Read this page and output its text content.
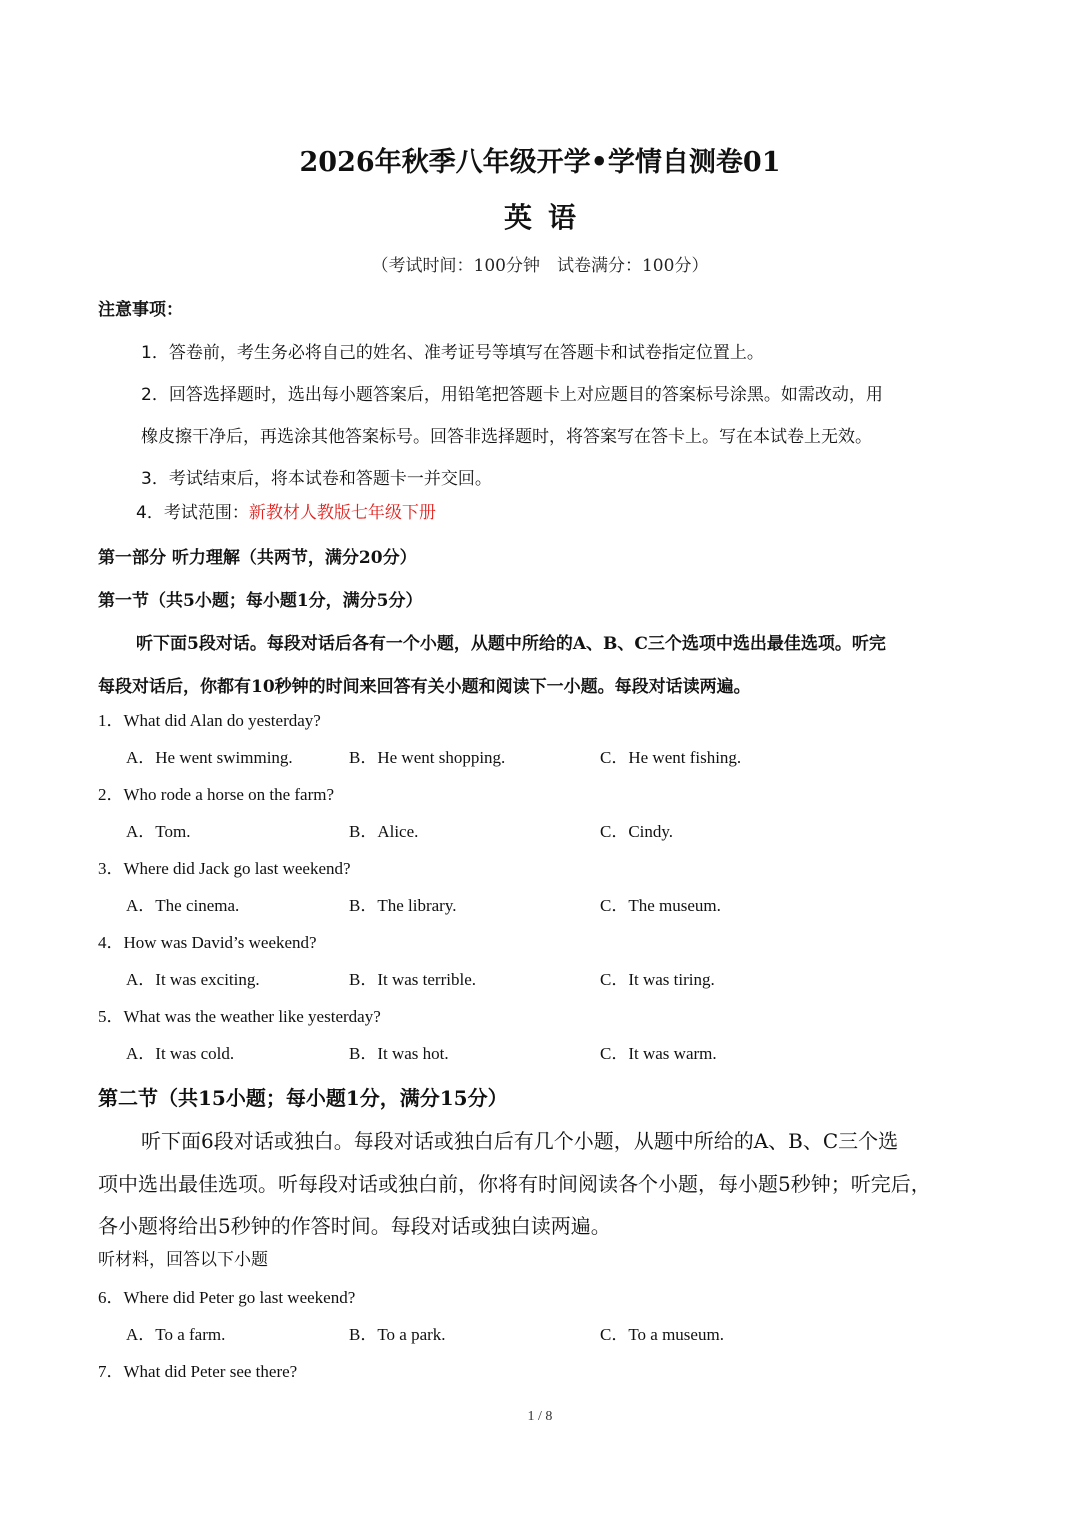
2026年秋季八年级开学•学情自测卷01
英语
（考试时间：100分钟　试卷满分：100分）
注意事项：
1．答卷前，考生务必将自己的姓名、准考证号等填写在答题卡和试卷指定位置上。
2．回答选择题时，选出每小题答案后，用铅笔把答题卡上对应题目的答案标号涂黑。如需改动，用
橡皮擦干净后，再选涂其他答案标号。回答非选择题时，将答案写在答卡上。写在本试卷上无效。
3．考试结束后，将本试卷和答题卡一并交回。
4．考试范围：新教材人教版七年级下册
第一部分 听力理解（共两节，满分20分）
第一节（共5小题；每小题1分，满分5分）
听下面5段对话。每段对话后各有一个小题，从题中所给的A、B、C三个选项中选出最佳选项。听完
每段对话后，你都有10秒钟的时间来回答有关小题和阅读下一小题。每段对话读两遍。
1．What did Alan do yesterday?
A．He went swimming.	B．He went shopping.	C．He went fishing.
2．Who rode a horse on the farm?
A．Tom.	B．Alice.	C．Cindy.
3．Where did Jack go last weekend?
A．The cinema.	B．The library.	C．The museum.
4．How was David’s weekend?
A．It was exciting.	B．It was terrible.	C．It was tiring.
5．What was the weather like yesterday?
A．It was cold.	B．It was hot.	C．It was warm.
第二节（共15小题；每小题1分，满分15分）
听下面6段对话或独白。每段对话或独白后有几个小题，从题中所给的A、B、C三个选
项中选出最佳选项。听每段对话或独白前，你将有时间阅读各个小题，每小题5秒钟；听完后，
各小题将给出5秒钟的作答时间。每段对话或独白读两遍。
听材料，回答以下小题
6．Where did Peter go last weekend?
A．To a farm.	B．To a park.	C．To a museum.
7．What did Peter see there?
1 / 8
